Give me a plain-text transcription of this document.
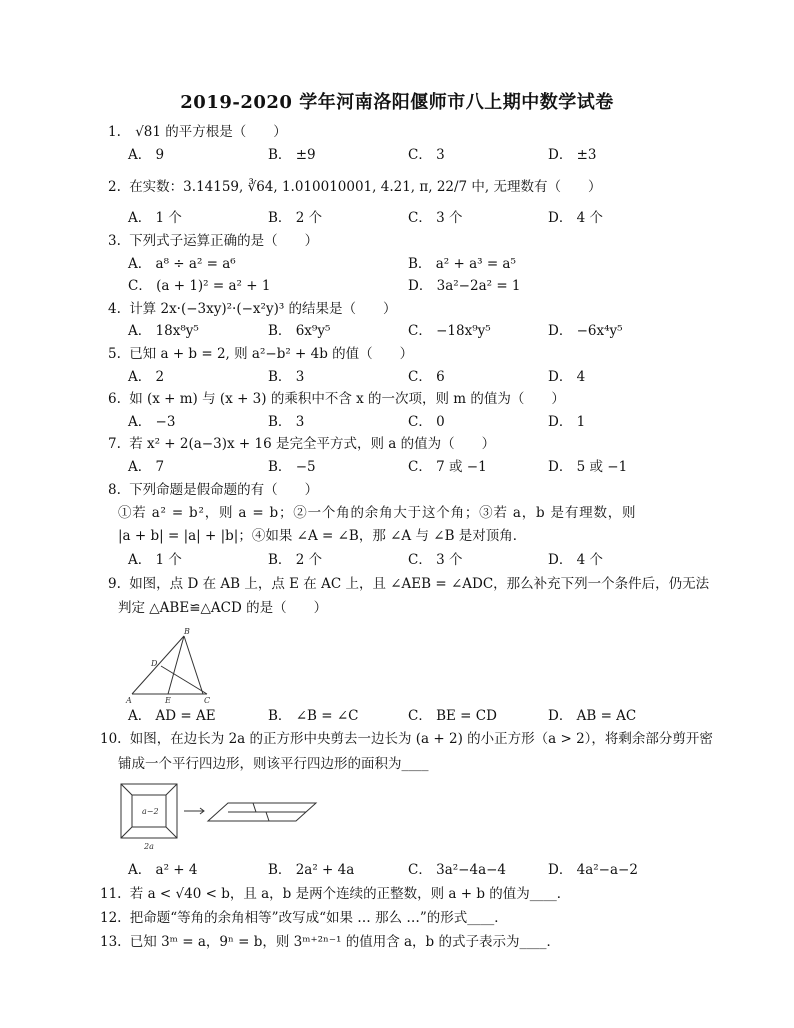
2019-2020 学年河南洛阳偃师市八上期中数学试卷
1. √81 的平方根是（　　）
A． 9	B． ±9	C． 3	D． ±3
2. 在实数：3.14159, ∛64, 1.010010001, 4.21, π, 22/7 中, 无理数有（　　）
A． 1 个	B． 2 个	C． 3 个	D． 4 个
3. 下列式子运算正确的是（　　）
A． a⁸ ÷ a² = a⁶	B． a² + a³ = a⁵
C． (a + 1)² = a² + 1	D． 3a²−2a² = 1
4. 计算 2x·(−3xy)²·(−x²y)³ 的结果是（　　）
A． 18x⁸y⁵	B． 6x⁹y⁵	C． −18x⁹y⁵	D． −6x⁴y⁵
5. 已知 a + b = 2, 则 a²−b² + 4b 的值（　　）
A． 2	B． 3	C． 6	D． 4
6. 如 (x + m) 与 (x + 3) 的乘积中不含 x 的一次项，则 m 的值为（　　）
A． −3	B． 3	C． 0	D． 1
7. 若 x² + 2(a−3)x + 16 是完全平方式，则 a 的值为（　　）
A． 7	B． −5	C． 7 或 −1	D． 5 或 −1
8. 下列命题是假命题的有（　　）
①若 a² = b²，则 a = b；②一个角的余角大于这个角；③若 a，b 是有理数，则
|a + b| = |a| + |b|；④如果 ∠A = ∠B，那 ∠A 与 ∠B 是对顶角．
A． 1 个	B． 2 个	C． 3 个	D． 4 个
9. 如图，点 D 在 AB 上，点 E 在 AC 上，且 ∠AEB = ∠ADC，那么补充下列一个条件后，仍无法
判定 △ABE≌△ACD 的是（　　）
B
D
A	E	C
A． AD = AE	B． ∠B = ∠C	C． BE = CD	D． AB = AC
10. 如图，在边长为 2a 的正方形中央剪去一边长为 (a + 2) 的小正方形（a > 2），将剩余部分剪开密
铺成一个平行四边形，则该平行四边形的面积为____
a−2
2a
A． a² + 4	B． 2a² + 4a	C． 3a²−4a−4	D． 4a²−a−2
11. 若 a < √40 < b，且 a，b 是两个连续的正整数，则 a + b 的值为____．
12. 把命题“等角的余角相等”改写成“如果 … 那么 …”的形式____．
13. 已知 3ᵐ = a，9ⁿ = b，则 3ᵐ⁺²ⁿ⁻¹ 的值用含 a，b 的式子表示为____．
